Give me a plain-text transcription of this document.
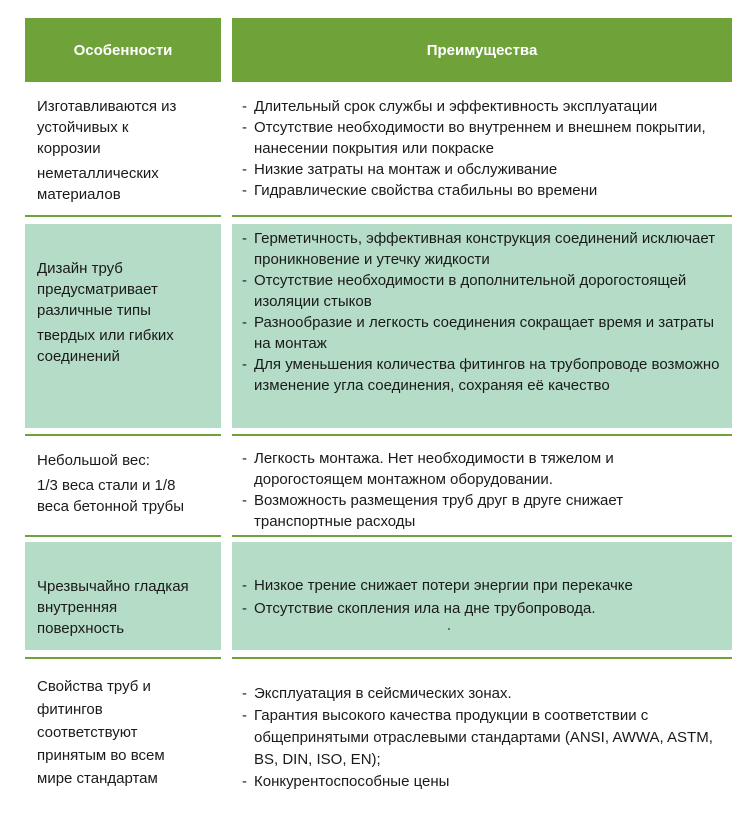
Особенности	Преимущества
Изготавливаются из
устойчивых к
коррозии
неметаллических
материалов
- Длительный срок службы и эффективность эксплуатации
- Отсутствие необходимости во внутреннем и внешнем покрытии, нанесении покрытия или покраске
- Низкие затраты на монтаж и обслуживание
- Гидравлические свойства стабильны во времени
Дизайн труб
предусматривает
различные типы
твердых или гибких
соединений
- Герметичность, эффективная конструкция соединений исключает проникновение и утечку жидкости
- Отсутствие необходимости в дополнительной дорогостоящей изоляции стыков
- Разнообразие и легкость соединения сокращает время и затраты на монтаж
- Для уменьшения количества фитингов на трубопроводе возможно изменение угла соединения, сохраняя её качество
Небольшой вес:
1/3 веса стали и 1/8
веса бетонной трубы
- Легкость монтажа. Нет необходимости в тяжелом и дорогостоящем монтажном оборудовании.
- Возможность размещения труб друг в друге снижает транспортные расходы
Чрезвычайно гладкая
внутренняя
поверхность
- Низкое трение снижает потери энергии при перекачке
- Отсутствие скопления ила на дне трубопровода.
Свойства труб и
фитингов
соответствуют
принятым во всем
мире стандартам
- Эксплуатация в сейсмических зонах.
- Гарантия высокого качества продукции в соответствии с общепринятыми отраслевыми стандартами (ANSI, AWWA, ASTM, BS, DIN, ISO, EN);
- Конкурентоспособные цены
